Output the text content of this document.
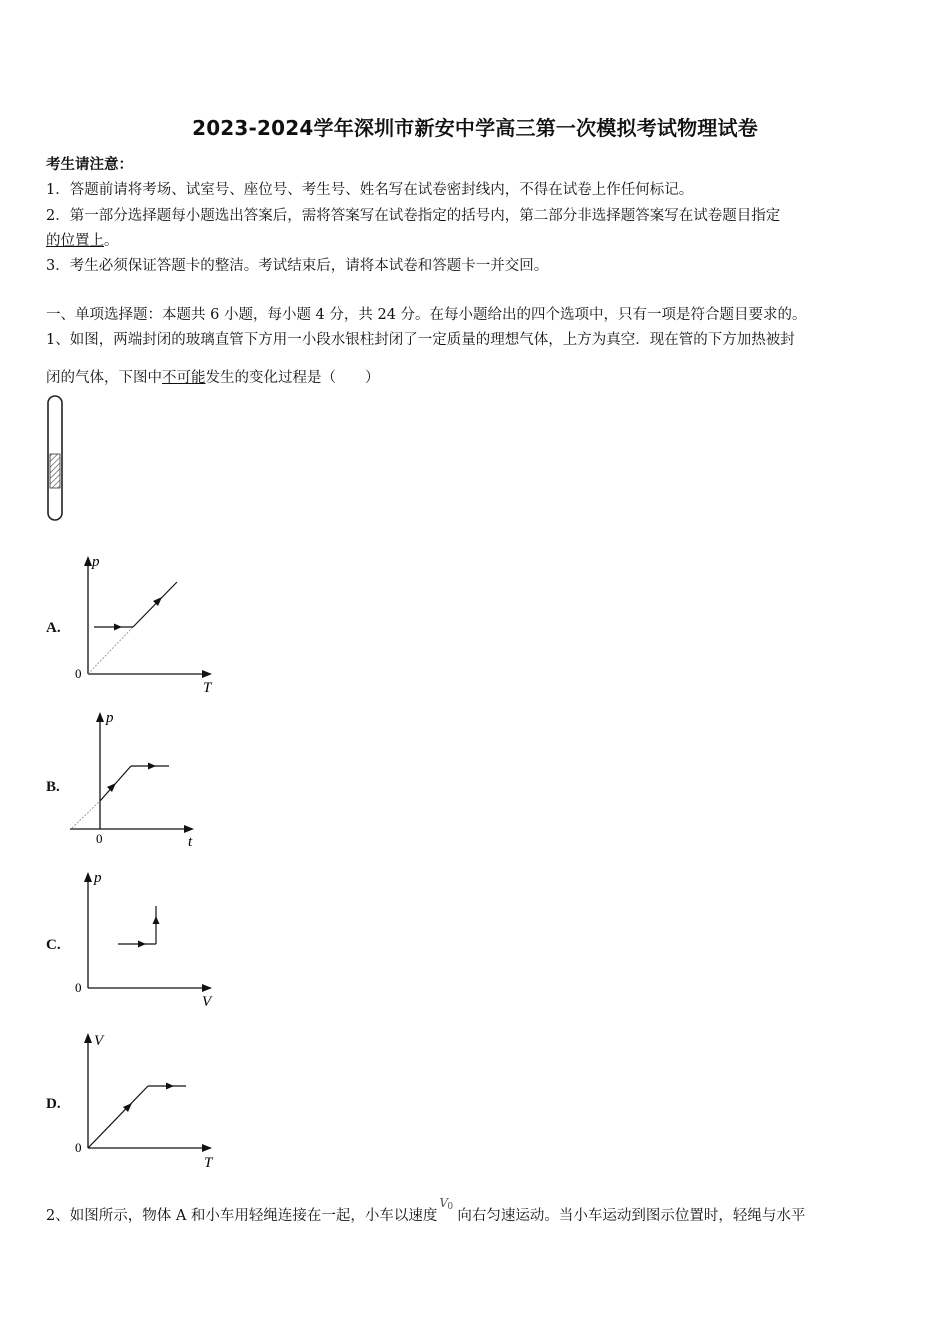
2023-2024学年深圳市新安中学高三第一次模拟考试物理试卷
考生请注意：
1．答题前请将考场、试室号、座位号、考生号、姓名写在试卷密封线内，不得在试卷上作任何标记。
2．第一部分选择题每小题选出答案后，需将答案写在试卷指定的括号内，第二部分非选择题答案写在试卷题目指定
的位置上。
3．考生必须保证答题卡的整洁。考试结束后，请将本试卷和答题卡一并交回。
一、单项选择题：本题共 6 小题，每小题 4 分，共 24 分。在每小题给出的四个选项中，只有一项是符合题目要求的。
1、如图，两端封闭的玻璃直管下方用一小段水银柱封闭了一定质量的理想气体，上方为真空．现在管的下方加热被封
闭的气体，下图中不可能发生的变化过程是（　　）
A.
p
T
0
B.
p
t
0
C.
p
V
0
D.
V
T
0
2、如图所示，物体 A 和小车用轻绳连接在一起，小车以速度
V 0
向右匀速运动。当小车运动到图示位置时，轻绳与水平
